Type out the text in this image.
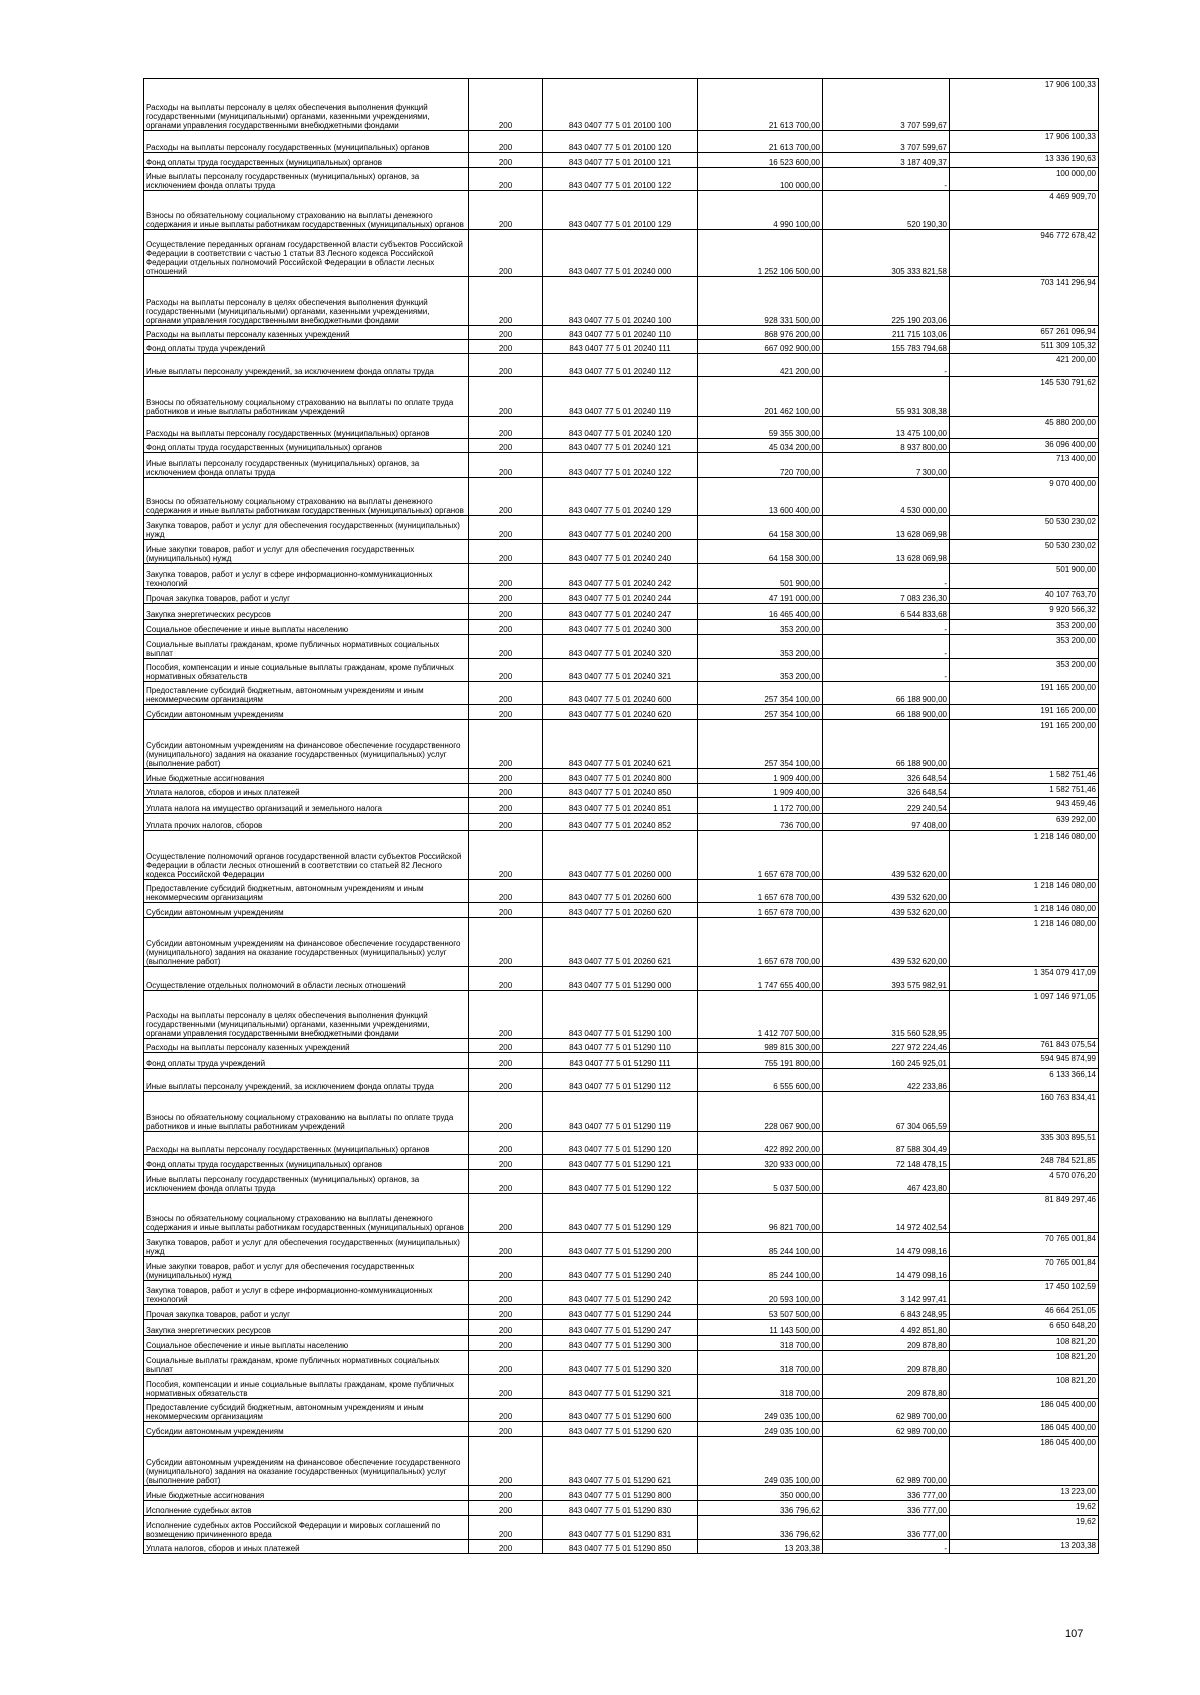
Расходы на выплаты персоналу в целях обеспечения выполнения функций государственными (муниципальными) органами, казенными учреждениями, органами управления государственными внебюджетными фондами	200	843 0407 77 5 01 20100 100	21 613 700,00	3 707 599,67	17 906 100,33
Расходы на выплаты персоналу государственных (муниципальных) органов	200	843 0407 77 5 01 20100 120	21 613 700,00	3 707 599,67	17 906 100,33
Фонд оплаты труда государственных (муниципальных) органов	200	843 0407 77 5 01 20100 121	16 523 600,00	3 187 409,37	13 336 190,63
Иные выплаты персоналу государственных (муниципальных) органов, за исключением фонда оплаты труда	200	843 0407 77 5 01 20100 122	100 000,00	-	100 000,00
Взносы по обязательному социальному страхованию на выплаты денежного содержания и иные выплаты работникам государственных (муниципальных) органов	200	843 0407 77 5 01 20100 129	4 990 100,00	520 190,30	4 469 909,70
Осуществление переданных органам государственной власти субъектов Российской Федерации в соответствии с частью 1 статьи 83 Лесного кодекса Российской Федерации отдельных полномочий Российской Федерации в области лесных отношений	200	843 0407 77 5 01 20240 000	1 252 106 500,00	305 333 821,58	946 772 678,42
Расходы на выплаты персоналу в целях обеспечения выполнения функций государственными (муниципальными) органами, казенными учреждениями, органами управления государственными внебюджетными фондами	200	843 0407 77 5 01 20240 100	928 331 500,00	225 190 203,06	703 141 296,94
Расходы на выплаты персоналу казенных учреждений	200	843 0407 77 5 01 20240 110	868 976 200,00	211 715 103,06	657 261 096,94
Фонд оплаты труда учреждений	200	843 0407 77 5 01 20240 111	667 092 900,00	155 783 794,68	511 309 105,32
Иные выплаты персоналу учреждений, за исключением фонда оплаты труда	200	843 0407 77 5 01 20240 112	421 200,00	-	421 200,00
Взносы по обязательному социальному страхованию на выплаты по оплате труда работников и иные выплаты работникам учреждений	200	843 0407 77 5 01 20240 119	201 462 100,00	55 931 308,38	145 530 791,62
Расходы на выплаты персоналу государственных (муниципальных) органов	200	843 0407 77 5 01 20240 120	59 355 300,00	13 475 100,00	45 880 200,00
Фонд оплаты труда государственных (муниципальных) органов	200	843 0407 77 5 01 20240 121	45 034 200,00	8 937 800,00	36 096 400,00
Иные выплаты персоналу государственных (муниципальных) органов, за исключением фонда оплаты труда	200	843 0407 77 5 01 20240 122	720 700,00	7 300,00	713 400,00
Взносы по обязательному социальному страхованию на выплаты денежного содержания и иные выплаты работникам государственных (муниципальных) органов	200	843 0407 77 5 01 20240 129	13 600 400,00	4 530 000,00	9 070 400,00
Закупка товаров, работ и услуг для обеспечения государственных (муниципальных) нужд	200	843 0407 77 5 01 20240 200	64 158 300,00	13 628 069,98	50 530 230,02
Иные закупки товаров, работ и услуг для обеспечения государственных (муниципальных) нужд	200	843 0407 77 5 01 20240 240	64 158 300,00	13 628 069,98	50 530 230,02
Закупка товаров, работ и услуг в сфере информационно-коммуникационных технологий	200	843 0407 77 5 01 20240 242	501 900,00	-	501 900,00
Прочая закупка товаров, работ и услуг	200	843 0407 77 5 01 20240 244	47 191 000,00	7 083 236,30	40 107 763,70
Закупка энергетических ресурсов	200	843 0407 77 5 01 20240 247	16 465 400,00	6 544 833,68	9 920 566,32
Социальное обеспечение и иные выплаты населению	200	843 0407 77 5 01 20240 300	353 200,00	-	353 200,00
Социальные выплаты гражданам, кроме публичных нормативных социальных выплат	200	843 0407 77 5 01 20240 320	353 200,00	-	353 200,00
Пособия, компенсации и иные социальные выплаты гражданам, кроме публичных нормативных обязательств	200	843 0407 77 5 01 20240 321	353 200,00	-	353 200,00
Предоставление субсидий бюджетным, автономным учреждениям и иным некоммерческим организациям	200	843 0407 77 5 01 20240 600	257 354 100,00	66 188 900,00	191 165 200,00
Субсидии автономным учреждениям	200	843 0407 77 5 01 20240 620	257 354 100,00	66 188 900,00	191 165 200,00
Субсидии автономным учреждениям на финансовое обеспечение государственного (муниципального) задания на оказание государственных (муниципальных) услуг (выполнение работ)	200	843 0407 77 5 01 20240 621	257 354 100,00	66 188 900,00	191 165 200,00
Иные бюджетные ассигнования	200	843 0407 77 5 01 20240 800	1 909 400,00	326 648,54	1 582 751,46
Уплата налогов, сборов и иных платежей	200	843 0407 77 5 01 20240 850	1 909 400,00	326 648,54	1 582 751,46
Уплата налога на имущество организаций и земельного налога	200	843 0407 77 5 01 20240 851	1 172 700,00	229 240,54	943 459,46
Уплата прочих налогов, сборов	200	843 0407 77 5 01 20240 852	736 700,00	97 408,00	639 292,00
Осуществление полномочий органов государственной власти субъектов Российской Федерации в области лесных отношений в соответствии со статьей 82 Лесного кодекса Российской Федерации	200	843 0407 77 5 01 20260 000	1 657 678 700,00	439 532 620,00	1 218 146 080,00
Предоставление субсидий бюджетным, автономным учреждениям и иным некоммерческим организациям	200	843 0407 77 5 01 20260 600	1 657 678 700,00	439 532 620,00	1 218 146 080,00
Субсидии автономным учреждениям	200	843 0407 77 5 01 20260 620	1 657 678 700,00	439 532 620,00	1 218 146 080,00
Субсидии автономным учреждениям на финансовое обеспечение государственного (муниципального) задания на оказание государственных (муниципальных) услуг (выполнение работ)	200	843 0407 77 5 01 20260 621	1 657 678 700,00	439 532 620,00	1 218 146 080,00
Осуществление отдельных полномочий в области лесных отношений	200	843 0407 77 5 01 51290 000	1 747 655 400,00	393 575 982,91	1 354 079 417,09
Расходы на выплаты персоналу в целях обеспечения выполнения функций государственными (муниципальными) органами, казенными учреждениями, органами управления государственными внебюджетными фондами	200	843 0407 77 5 01 51290 100	1 412 707 500,00	315 560 528,95	1 097 146 971,05
Расходы на выплаты персоналу казенных учреждений	200	843 0407 77 5 01 51290 110	989 815 300,00	227 972 224,46	761 843 075,54
Фонд оплаты труда учреждений	200	843 0407 77 5 01 51290 111	755 191 800,00	160 245 925,01	594 945 874,99
Иные выплаты персоналу учреждений, за исключением фонда оплаты труда	200	843 0407 77 5 01 51290 112	6 555 600,00	422 233,86	6 133 366,14
Взносы по обязательному социальному страхованию на выплаты по оплате труда работников и иные выплаты работникам учреждений	200	843 0407 77 5 01 51290 119	228 067 900,00	67 304 065,59	160 763 834,41
Расходы на выплаты персоналу государственных (муниципальных) органов	200	843 0407 77 5 01 51290 120	422 892 200,00	87 588 304,49	335 303 895,51
Фонд оплаты труда государственных (муниципальных) органов	200	843 0407 77 5 01 51290 121	320 933 000,00	72 148 478,15	248 784 521,85
Иные выплаты персоналу государственных (муниципальных) органов, за исключением фонда оплаты труда	200	843 0407 77 5 01 51290 122	5 037 500,00	467 423,80	4 570 076,20
Взносы по обязательному социальному страхованию на выплаты денежного содержания и иные выплаты работникам государственных (муниципальных) органов	200	843 0407 77 5 01 51290 129	96 821 700,00	14 972 402,54	81 849 297,46
Закупка товаров, работ и услуг для обеспечения государственных (муниципальных) нужд	200	843 0407 77 5 01 51290 200	85 244 100,00	14 479 098,16	70 765 001,84
Иные закупки товаров, работ и услуг для обеспечения государственных (муниципальных) нужд	200	843 0407 77 5 01 51290 240	85 244 100,00	14 479 098,16	70 765 001,84
Закупка товаров, работ и услуг в сфере информационно-коммуникационных технологий	200	843 0407 77 5 01 51290 242	20 593 100,00	3 142 997,41	17 450 102,59
Прочая закупка товаров, работ и услуг	200	843 0407 77 5 01 51290 244	53 507 500,00	6 843 248,95	46 664 251,05
Закупка энергетических ресурсов	200	843 0407 77 5 01 51290 247	11 143 500,00	4 492 851,80	6 650 648,20
Социальное обеспечение и иные выплаты населению	200	843 0407 77 5 01 51290 300	318 700,00	209 878,80	108 821,20
Социальные выплаты гражданам, кроме публичных нормативных социальных выплат	200	843 0407 77 5 01 51290 320	318 700,00	209 878,80	108 821,20
Пособия, компенсации и иные социальные выплаты гражданам, кроме публичных нормативных обязательств	200	843 0407 77 5 01 51290 321	318 700,00	209 878,80	108 821,20
Предоставление субсидий бюджетным, автономным учреждениям и иным некоммерческим организациям	200	843 0407 77 5 01 51290 600	249 035 100,00	62 989 700,00	186 045 400,00
Субсидии автономным учреждениям	200	843 0407 77 5 01 51290 620	249 035 100,00	62 989 700,00	186 045 400,00
Субсидии автономным учреждениям на финансовое обеспечение государственного (муниципального) задания на оказание государственных (муниципальных) услуг (выполнение работ)	200	843 0407 77 5 01 51290 621	249 035 100,00	62 989 700,00	186 045 400,00
Иные бюджетные ассигнования	200	843 0407 77 5 01 51290 800	350 000,00	336 777,00	13 223,00
Исполнение судебных актов	200	843 0407 77 5 01 51290 830	336 796,62	336 777,00	19,62
Исполнение судебных актов Российской Федерации и мировых соглашений по возмещению причиненного вреда	200	843 0407 77 5 01 51290 831	336 796,62	336 777,00	19,62
Уплата налогов, сборов и иных платежей	200	843 0407 77 5 01 51290 850	13 203,38	-	13 203,38
107
